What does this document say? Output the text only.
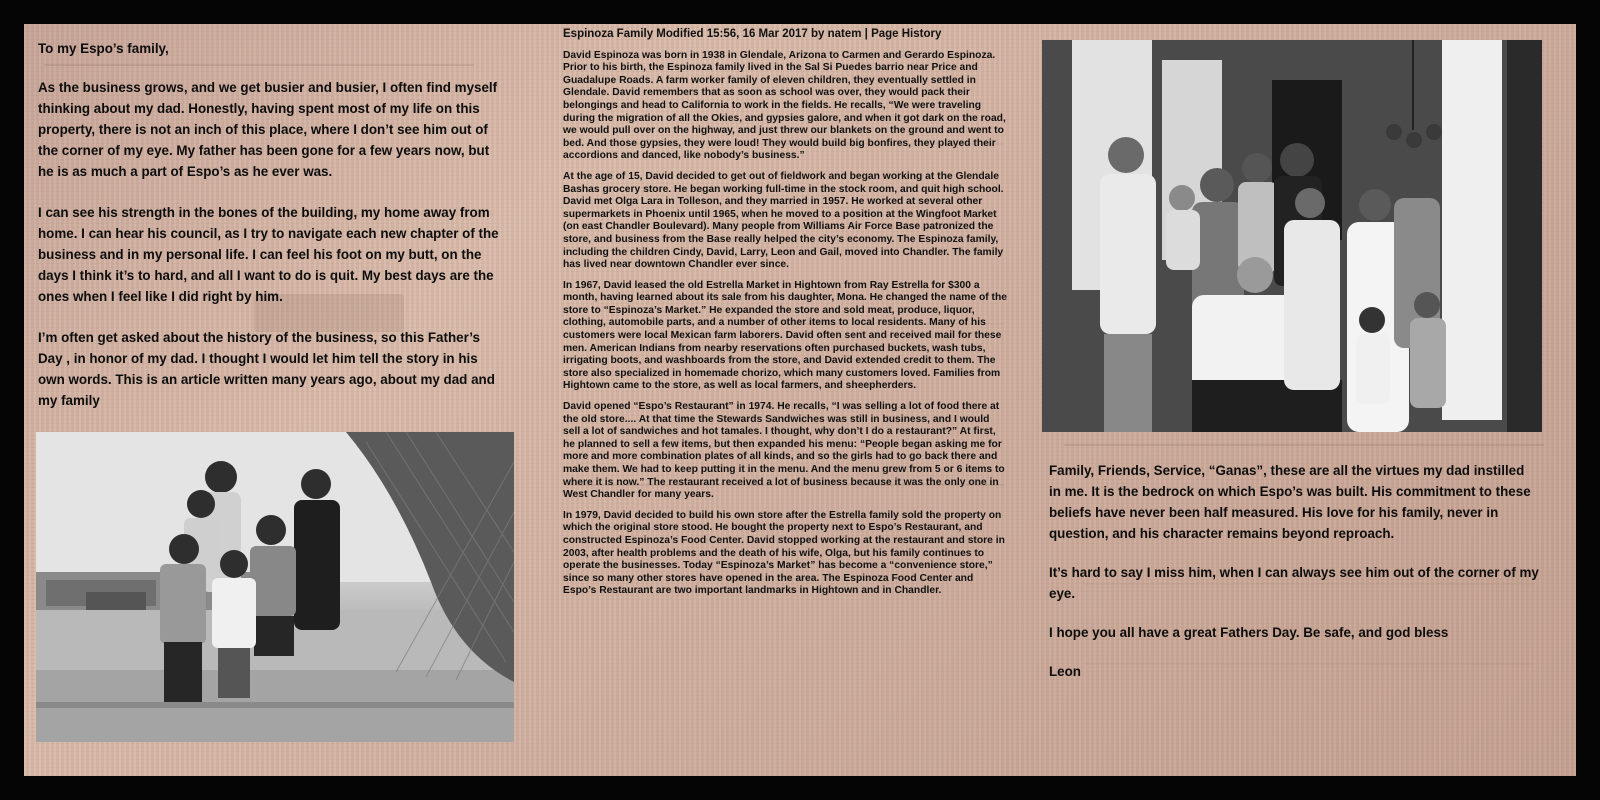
To my Espo’s family,

As the business grows, and we get busier and busier, I often find myself thinking about my dad. Honestly, having spent most of my life on this property, there is not an inch of this place, where I don’t see him out of the corner of my eye. My father has been gone for a few years now, but he is as much a part of Espo’s as he ever was.

I can see his strength in the bones of the building, my home away from home. I can hear his council, as I try to navigate each new chapter of the business and in my personal life. I can feel his foot on my butt, on the days I think it’s to hard, and all I want to do is quit. My best days are the ones when I feel like I did right by him.

I’m often get asked about the history of the business, so this Father’s Day , in honor of my dad. I thought I would let him tell the story in his own words. This is an article written many years ago, about my dad and my family

Espinoza Family Modified 15:56, 16 Mar 2017 by natem | Page History

David Espinoza was born in 1938 in Glendale, Arizona to Carmen and Gerardo Espinoza. Prior to his birth, the Espinoza family lived in the Sal Si Puedes barrio near Price and Guadalupe Roads. A farm worker family of eleven children, they eventually settled in Glendale. David remembers that as soon as school was over, they would pack their belongings and head to California to work in the fields. He recalls, “We were traveling during the migration of all the Okies, and gypsies galore, and when it got dark on the road, we would pull over on the highway, and just threw our blankets on the ground and went to bed. And those gypsies, they were loud! They would build big bonfires, they played their accordions and danced, like nobody’s business.”

At the age of 15, David decided to get out of fieldwork and began working at the Glendale Bashas grocery store. He began working full-time in the stock room, and quit high school. David met Olga Lara in Tolleson, and they married in 1957. He worked at several other supermarkets in Phoenix until 1965, when he moved to a position at the Wingfoot Market (on east Chandler Boulevard). Many people from Williams Air Force Base patronized the store, and business from the Base really helped the city’s economy. The Espinoza family, including the children Cindy, David, Larry, Leon and Gail, moved into Chandler. The family has lived near downtown Chandler ever since.

In 1967, David leased the old Estrella Market in Hightown from Ray Estrella for $300 a month, having learned about its sale from his daughter, Mona. He changed the name of the store to “Espinoza’s Market.” He expanded the store and sold meat, produce, liquor, clothing, automobile parts, and a number of other items to local residents. Many of his customers were local Mexican farm laborers. David often sent and received mail for these men. American Indians from nearby reservations often purchased buckets, wash tubs, irrigating boots, and washboards from the store, and David extended credit to them. The store also specialized in homemade chorizo, which many customers loved. Families from Hightown came to the store, as well as local farmers, and sheepherders.

David opened “Espo’s Restaurant” in 1974. He recalls, “I was selling a lot of food there at the old store.... At that time the Stewards Sandwiches was still in business, and I would sell a lot of sandwiches and hot tamales. I thought, why don’t I do a restaurant?” At first, he planned to sell a few items, but then expanded his menu: “People began asking me for more and more combination plates of all kinds, and so the girls had to go back there and make them. We had to keep putting it in the menu. And the menu grew from 5 or 6 items to where it is now.” The restaurant received a lot of business because it was the only one in West Chandler for many years.

In 1979, David decided to build his own store after the Estrella family sold the property on which the original store stood. He bought the property next to Espo’s Restaurant, and constructed Espinoza’s Food Center. David stopped working at the restaurant and store in 2003, after health problems and the death of his wife, Olga, but his family continues to operate the businesses. Today “Espinoza’s Market” has become a “convenience store,” since so many other stores have opened in the area. The Espinoza Food Center and Espo’s Restaurant are two important landmarks in Hightown and in Chandler.

Family, Friends, Service, “Ganas”, these are all the virtues my dad instilled in me. It is the bedrock on which Espo’s was built. His commitment to these beliefs have never been half measured. His love for his family, never in question, and his character remains beyond reproach.

It’s hard to say I miss him, when I can always see him out of the corner of my eye.

I hope you all have a great Fathers Day. Be safe, and god bless

Leon
